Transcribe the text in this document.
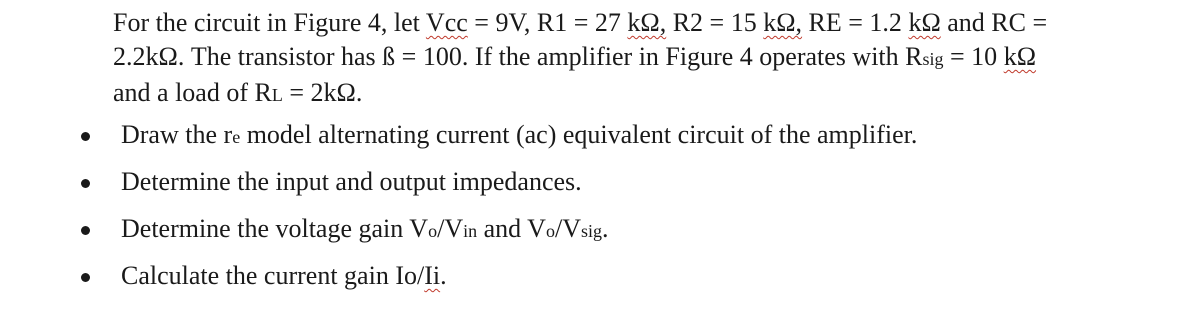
For the circuit in Figure 4, let Vcc = 9V, R1 = 27 kΩ, R2 = 15 kΩ, RE = 1.2 kΩ and RC =
2.2kΩ. The transistor has ß = 100. If the amplifier in Figure 4 operates with Rsig = 10 kΩ
and a load of RL = 2kΩ.
Draw the re model alternating current (ac) equivalent circuit of the amplifier.
Determine the input and output impedances.
Determine the voltage gain Vo/Vin and Vo/Vsig.
Calculate the current gain Io/Ii.
